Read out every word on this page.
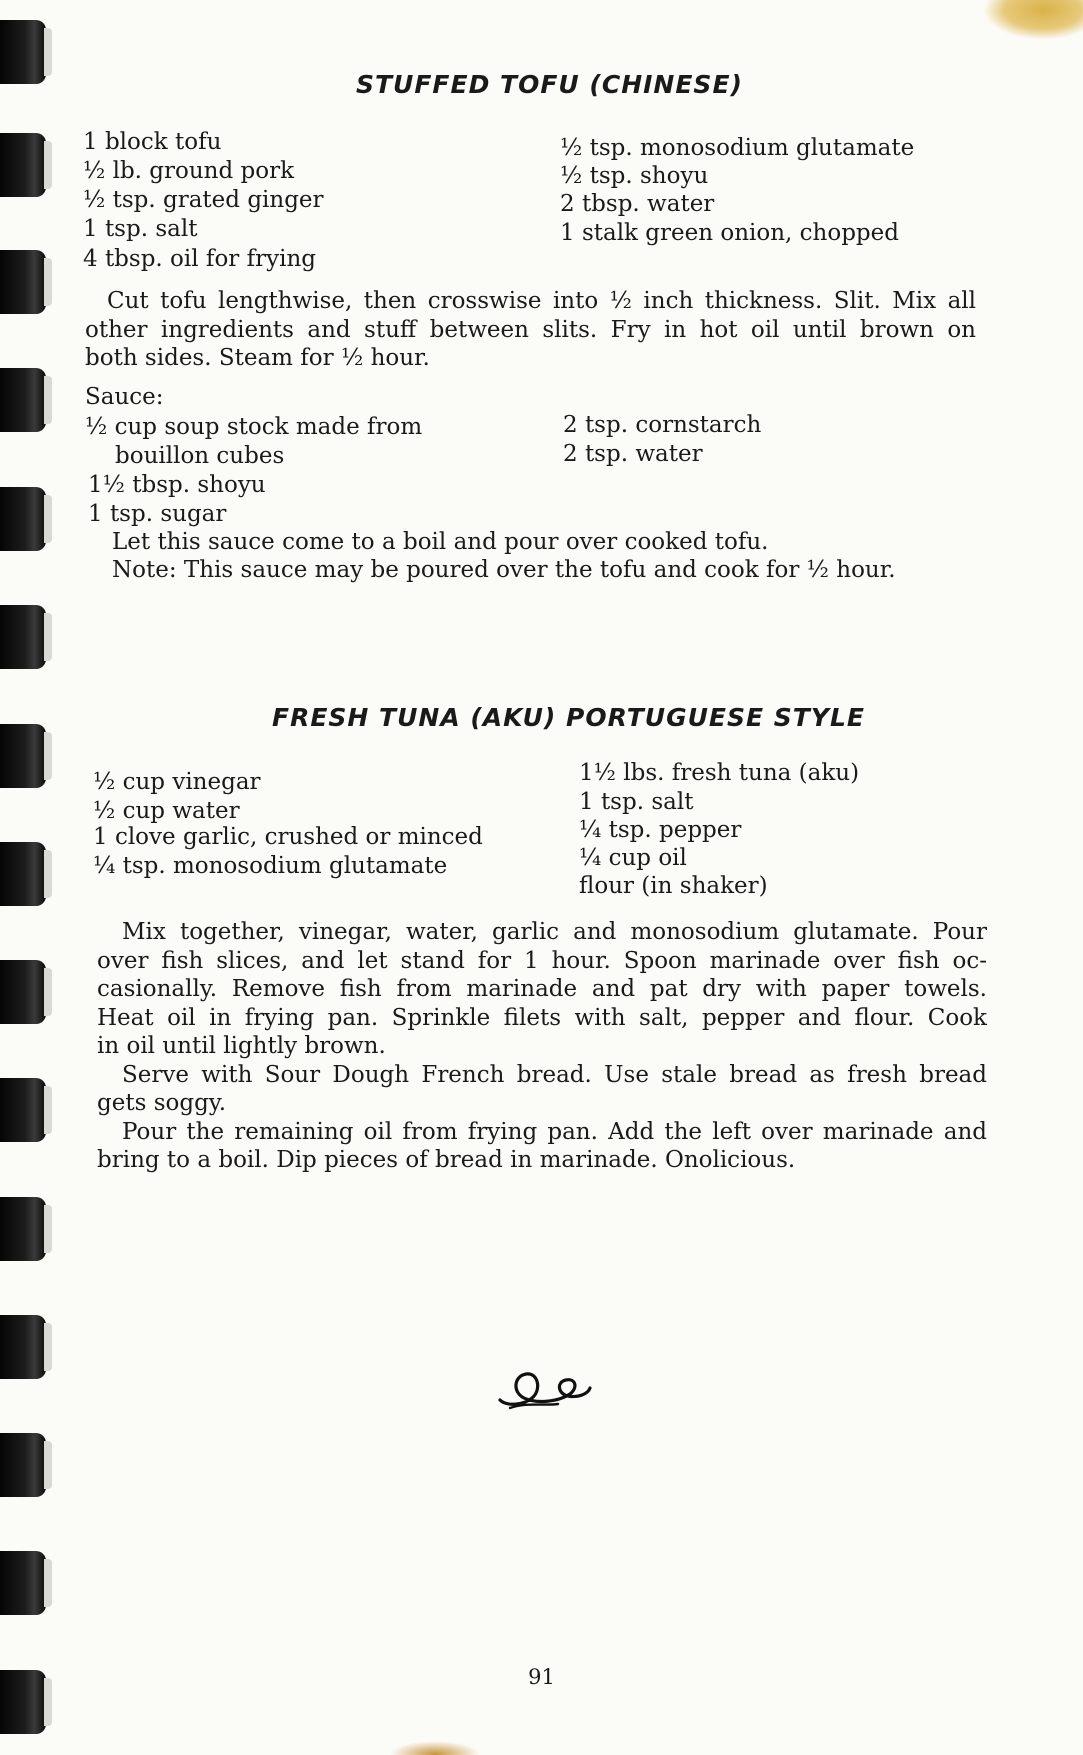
STUFFED TOFU (CHINESE)
1 block tofu
½ lb. ground pork
½ tsp. grated ginger
1 tsp. salt
4 tbsp. oil for frying
½ tsp. monosodium glutamate
½ tsp. shoyu
2 tbsp. water
1 stalk green onion, chopped
Cut tofu lengthwise, then crosswise into ½ inch thickness. Slit. Mix all
other ingredients and stuff between slits. Fry in hot oil until brown on
both sides. Steam for ½ hour.
Sauce:
½ cup soup stock made from
bouillon cubes
1½ tbsp. shoyu
1 tsp. sugar
2 tsp. cornstarch
2 tsp. water
Let this sauce come to a boil and pour over cooked tofu.
Note: This sauce may be poured over the tofu and cook for ½ hour.
FRESH TUNA (AKU) PORTUGUESE STYLE
½ cup vinegar
½ cup water
1 clove garlic, crushed or minced
¼ tsp. monosodium glutamate
1½ lbs. fresh tuna (aku)
1 tsp. salt
¼ tsp. pepper
¼ cup oil
flour (in shaker)
Mix together, vinegar, water, garlic and monosodium glutamate. Pour
over fish slices, and let stand for 1 hour. Spoon marinade over fish oc-
casionally. Remove fish from marinade and pat dry with paper towels.
Heat oil in frying pan. Sprinkle filets with salt, pepper and flour. Cook
in oil until lightly brown.
Serve with Sour Dough French bread. Use stale bread as fresh bread
gets soggy.
Pour the remaining oil from frying pan. Add the left over marinade and
bring to a boil. Dip pieces of bread in marinade. Onolicious.
91
